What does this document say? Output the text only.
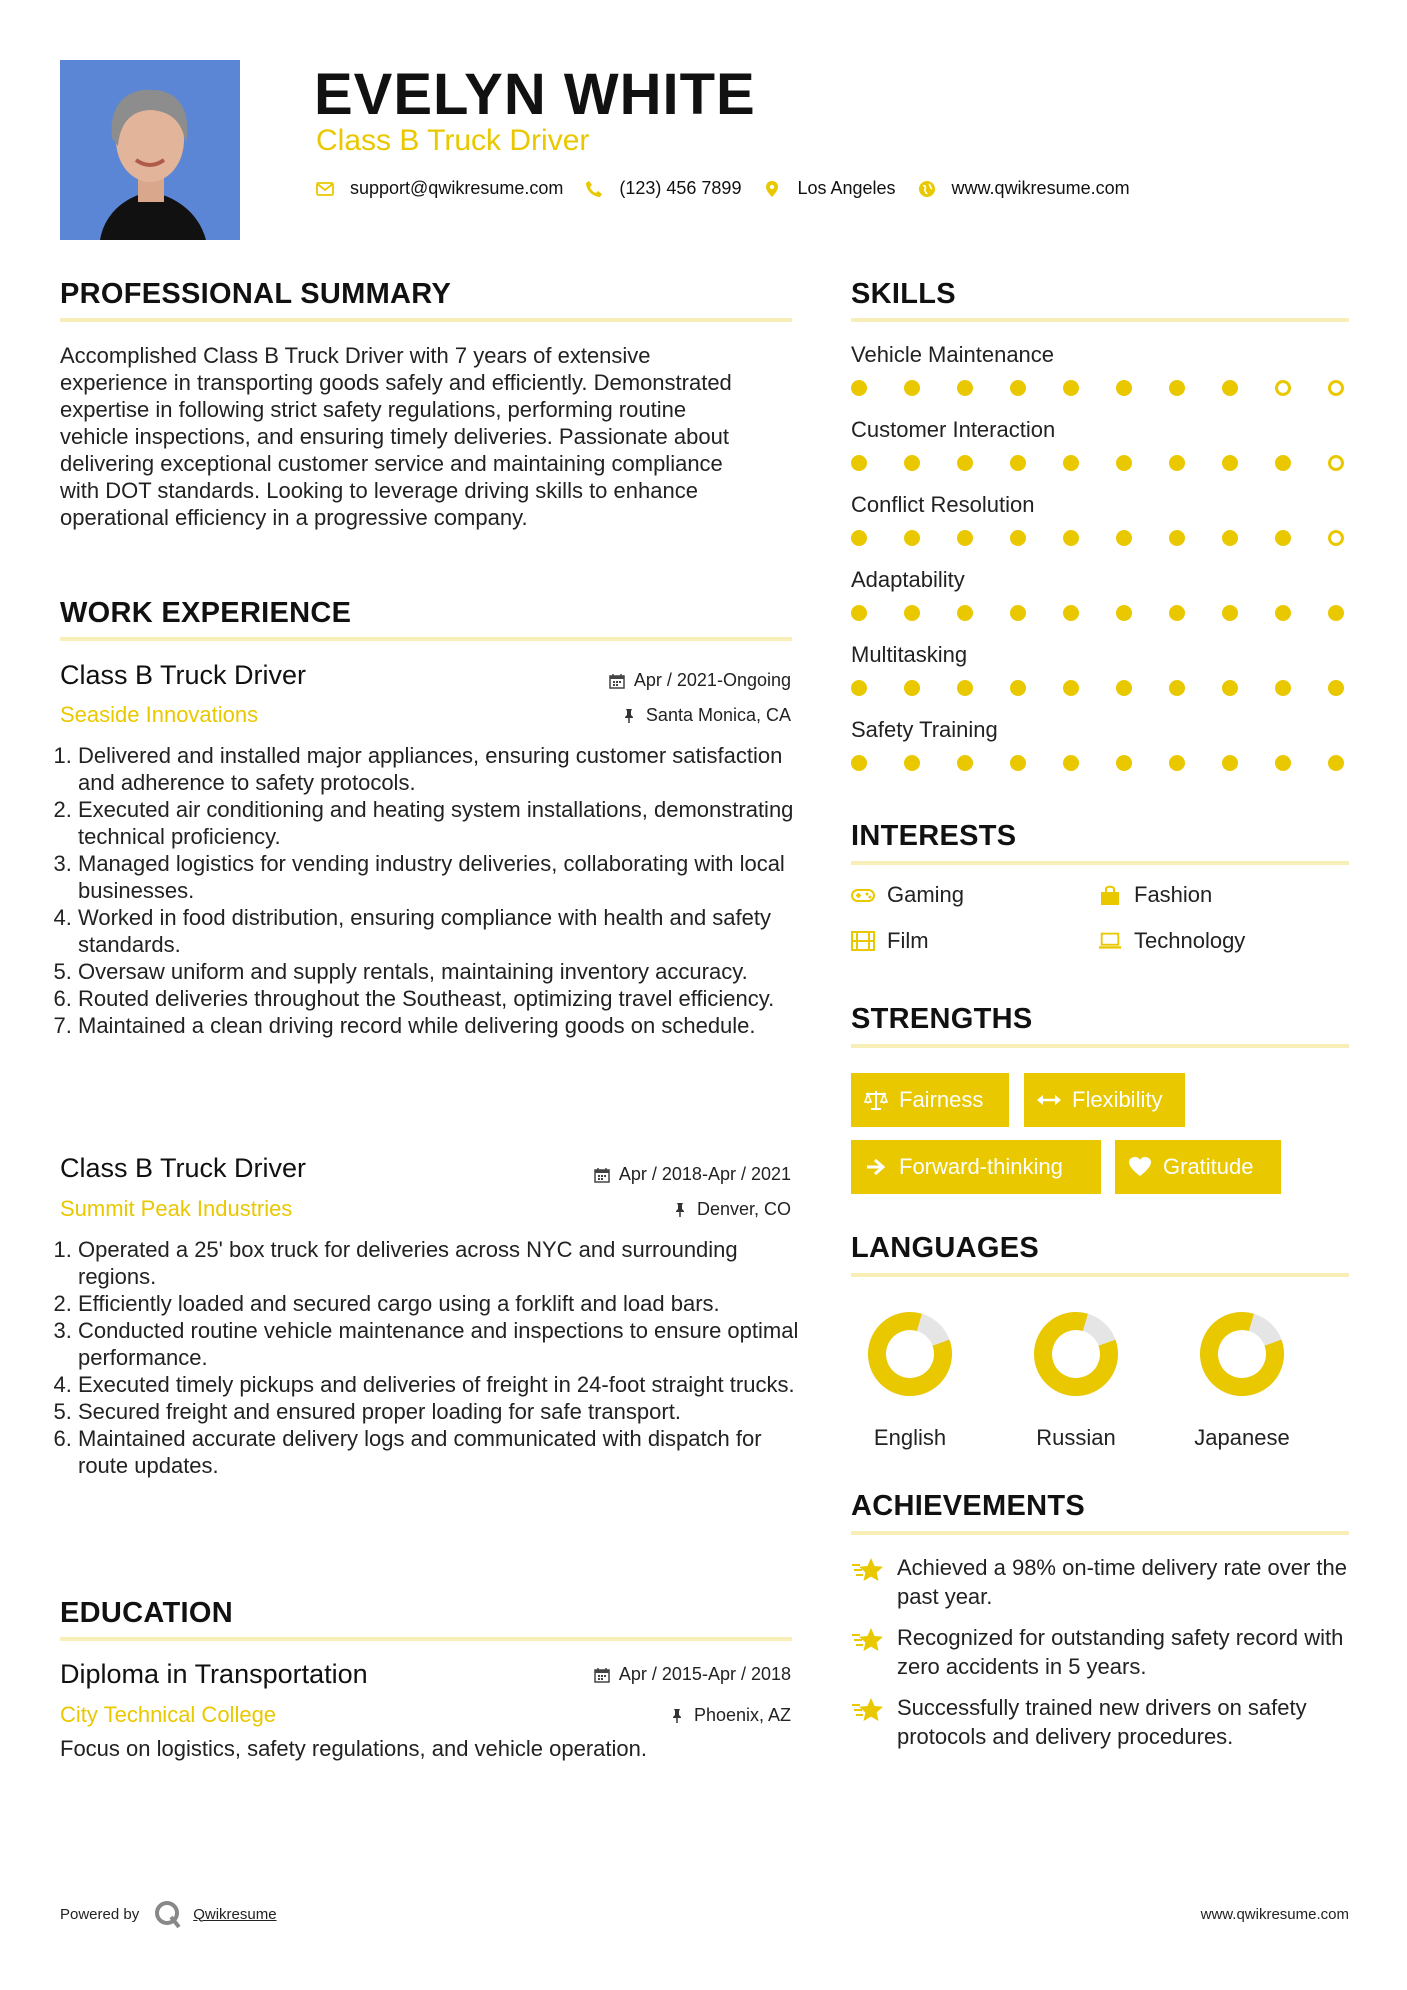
EVELYN WHITE
Class B Truck Driver
support@qwikresume.com	(123) 456 7899	Los Angeles	www.qwikresume.com
PROFESSIONAL SUMMARY
Accomplished Class B Truck Driver with 7 years of extensive experience in transporting goods safely and efficiently. Demonstrated expertise in following strict safety regulations, performing routine vehicle inspections, and ensuring timely deliveries. Passionate about delivering exceptional customer service and maintaining compliance with DOT standards. Looking to leverage driving skills to enhance operational efficiency in a progressive company.
WORK EXPERIENCE
Class B Truck Driver
Seaside Innovations
Apr / 2021-Ongoing
Santa Monica, CA
1. Delivered and installed major appliances, ensuring customer satisfaction and adherence to safety protocols.
2. Executed air conditioning and heating system installations, demonstrating technical proficiency.
3. Managed logistics for vending industry deliveries, collaborating with local businesses.
4. Worked in food distribution, ensuring compliance with health and safety standards.
5. Oversaw uniform and supply rentals, maintaining inventory accuracy.
6. Routed deliveries throughout the Southeast, optimizing travel efficiency.
7. Maintained a clean driving record while delivering goods on schedule.
Class B Truck Driver
Summit Peak Industries
Apr / 2018-Apr / 2021
Denver, CO
1. Operated a 25' box truck for deliveries across NYC and surrounding regions.
2. Efficiently loaded and secured cargo using a forklift and load bars.
3. Conducted routine vehicle maintenance and inspections to ensure optimal performance.
4. Executed timely pickups and deliveries of freight in 24-foot straight trucks.
5. Secured freight and ensured proper loading for safe transport.
6. Maintained accurate delivery logs and communicated with dispatch for route updates.
EDUCATION
Diploma in Transportation
City Technical College
Apr / 2015-Apr / 2018
Phoenix, AZ
Focus on logistics, safety regulations, and vehicle operation.
SKILLS
Vehicle Maintenance
Customer Interaction
Conflict Resolution
Adaptability
Multitasking
Safety Training
INTERESTS
Gaming	Fashion
Film	Technology
STRENGTHS
Fairness	Flexibility
Forward-thinking	Gratitude
LANGUAGES
English	Russian	Japanese
ACHIEVEMENTS
Achieved a 98% on-time delivery rate over the past year.
Recognized for outstanding safety record with zero accidents in 5 years.
Successfully trained new drivers on safety protocols and delivery procedures.
Powered by	Qwikresume	www.qwikresume.com
